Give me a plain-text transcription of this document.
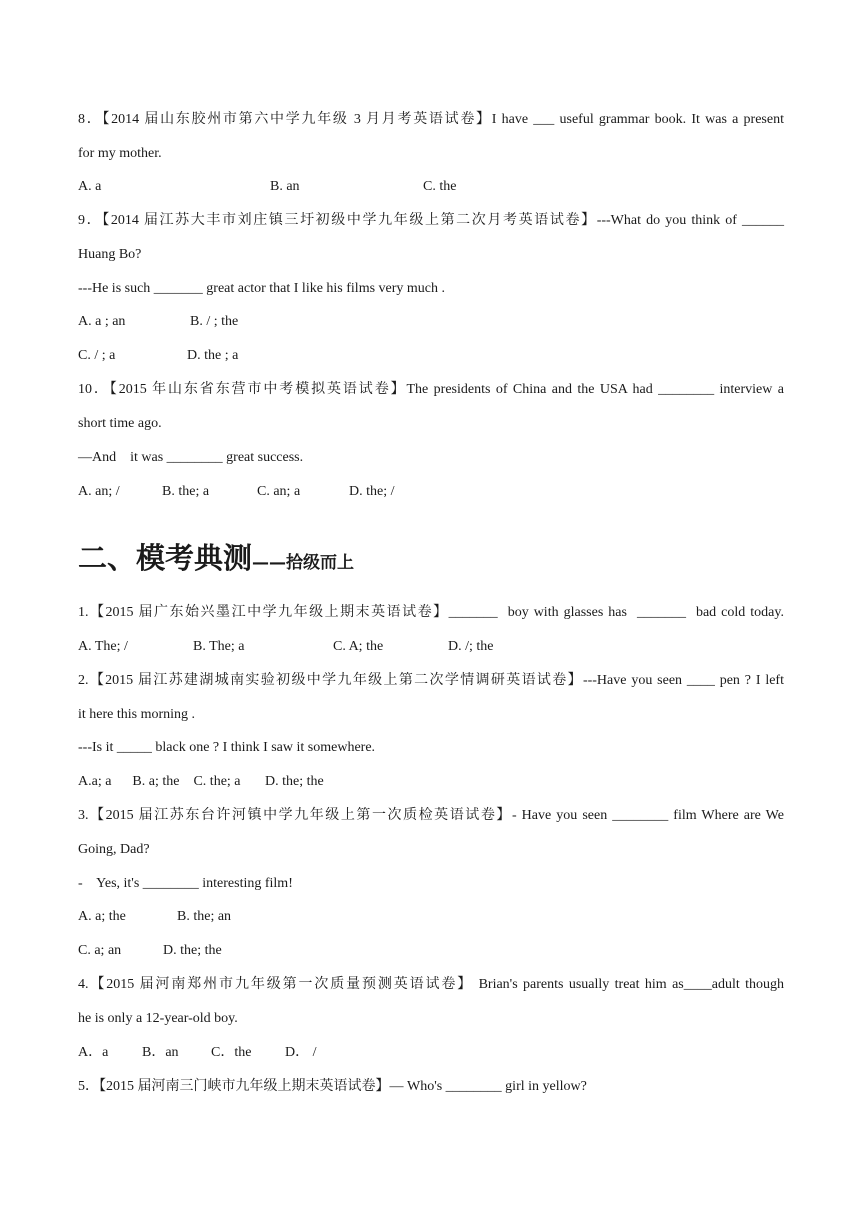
8．【2014 届山东胶州市第六中学九年级 3 月月考英语试卷】I have ___ useful grammar book. It was a present
for my mother.
A. a	B. an	C. the
9．【2014 届江苏大丰市刘庄镇三圩初级中学九年级上第二次月考英语试卷】---What do you think of ______
Huang Bo?
---He is such _______ great actor that I like his films very much .
A. a ; an	B. / ; the
C. / ; a	D. the ; a
10．【2015 年山东省东营市中考模拟英语试卷】The presidents of China and the USA had ________ interview a
short time ago.
—And    it was ________ great success.
A. an; /	B. the; a	C. an; a	D. the; /
二、模考典测——拾级而上
1.【2015 届广东始兴墨江中学九年级上期末英语试卷】_______  boy with glasses has  _______  bad cold today.
A. The; /	B. The; a	C. A; the	D. /; the
2.【2015 届江苏建湖城南实验初级中学九年级上第二次学情调研英语试卷】---Have you seen ____ pen ? I left
it here this morning .
---Is it _____ black one ? I think I saw it somewhere.
A.a; a      B. a; the    C. the; a       D. the; the
3.【2015 届江苏东台许河镇中学九年级上第一次质检英语试卷】- Have you seen ________ film Where are We
Going, Dad?
-    Yes, it's ________ interesting film!
A. a; the	B. the; an
C. a; an	D. the; the
4.【2015 届河南郑州市九年级第一次质量预测英语试卷】 Brian's parents usually treat him as____adult though
he is only a 12-year-old boy.
A．a B．an C．the D． /
5．【2015 届河南三门峡市九年级上期末英语试卷】— Who's ________ girl in yellow?
